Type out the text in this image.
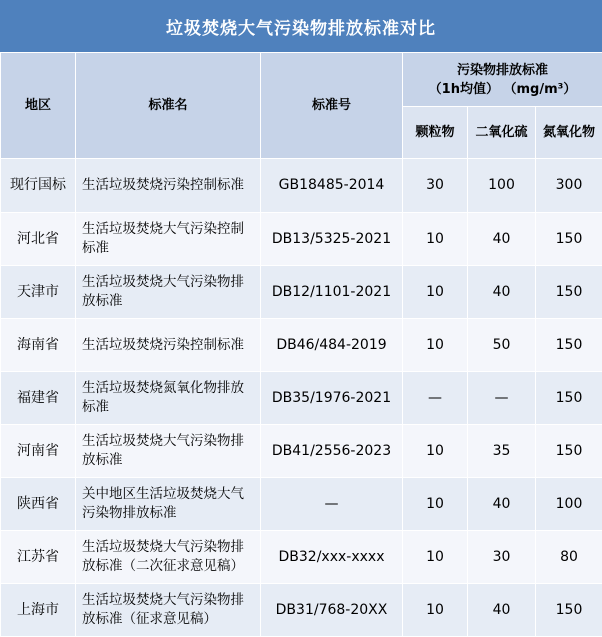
垃圾焚烧大气污染物排放标准对比
地区	标准名	标准号	污染物排放标准
（1h均值） （mg/m³）		

			颗粒物	二氧化硫	氮氧化物
现行国标	生活垃圾焚烧污染控制标准	GB18485-2014	30	100	300
河北省	生活垃圾焚烧大气污染控制标准	DB13/5325-2021	10	40	150
天津市	生活垃圾焚烧大气污染物排放标准	DB12/1101-2021	10	40	150
海南省	生活垃圾焚烧污染控制标准	DB46/484-2019	10	50	150
福建省	生活垃圾焚烧氮氧化物排放标准	DB35/1976-2021	—	—	150
河南省	生活垃圾焚烧大气污染物排放标准	DB41/2556-2023	10	35	150
陕西省	关中地区生活垃圾焚烧大气污染物排放标准	—	10	40	100
江苏省	生活垃圾焚烧大气污染物排放标准（二次征求意见稿）	DB32/xxx-xxxx	10	30	80
上海市	生活垃圾焚烧大气污染物排放标准（征求意见稿）	DB31/768-20XX	10	40	150
